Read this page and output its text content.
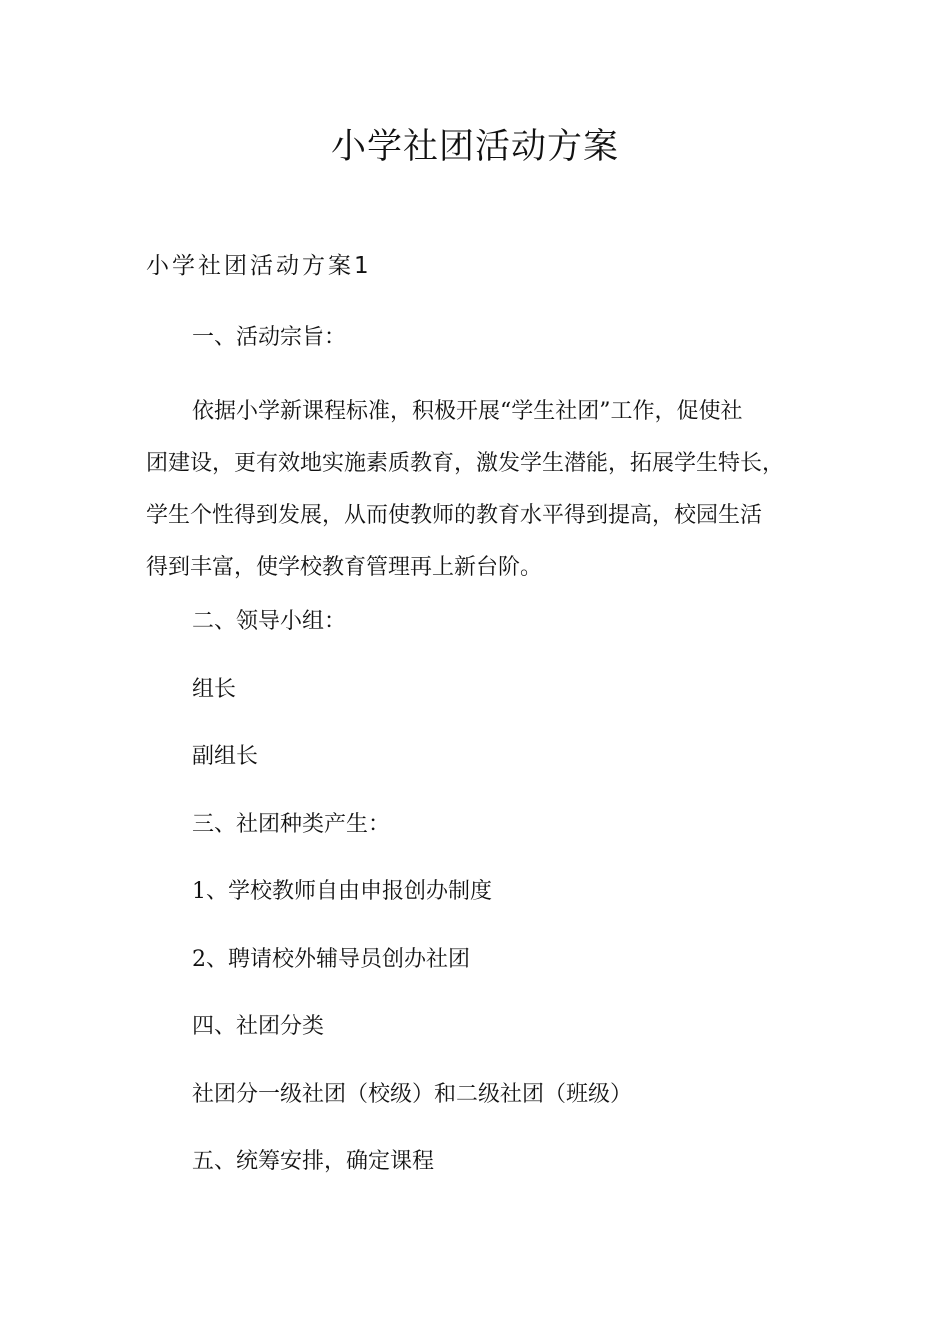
小学社团活动方案
小学社团活动方案1

一、活动宗旨：

依据小学新课程标准，积极开展“学生社团”工作，促使社
团建设，更有效地实施素质教育，激发学生潜能，拓展学生特长，
学生个性得到发展，从而使教师的教育水平得到提高，校园生活
得到丰富，使学校教育管理再上新台阶。

二、领导小组：

组长

副组长

三、社团种类产生：

1、学校教师自由申报创办制度

2、聘请校外辅导员创办社团

四、社团分类

社团分一级社团（校级）和二级社团（班级）

五、统筹安排，确定课程
